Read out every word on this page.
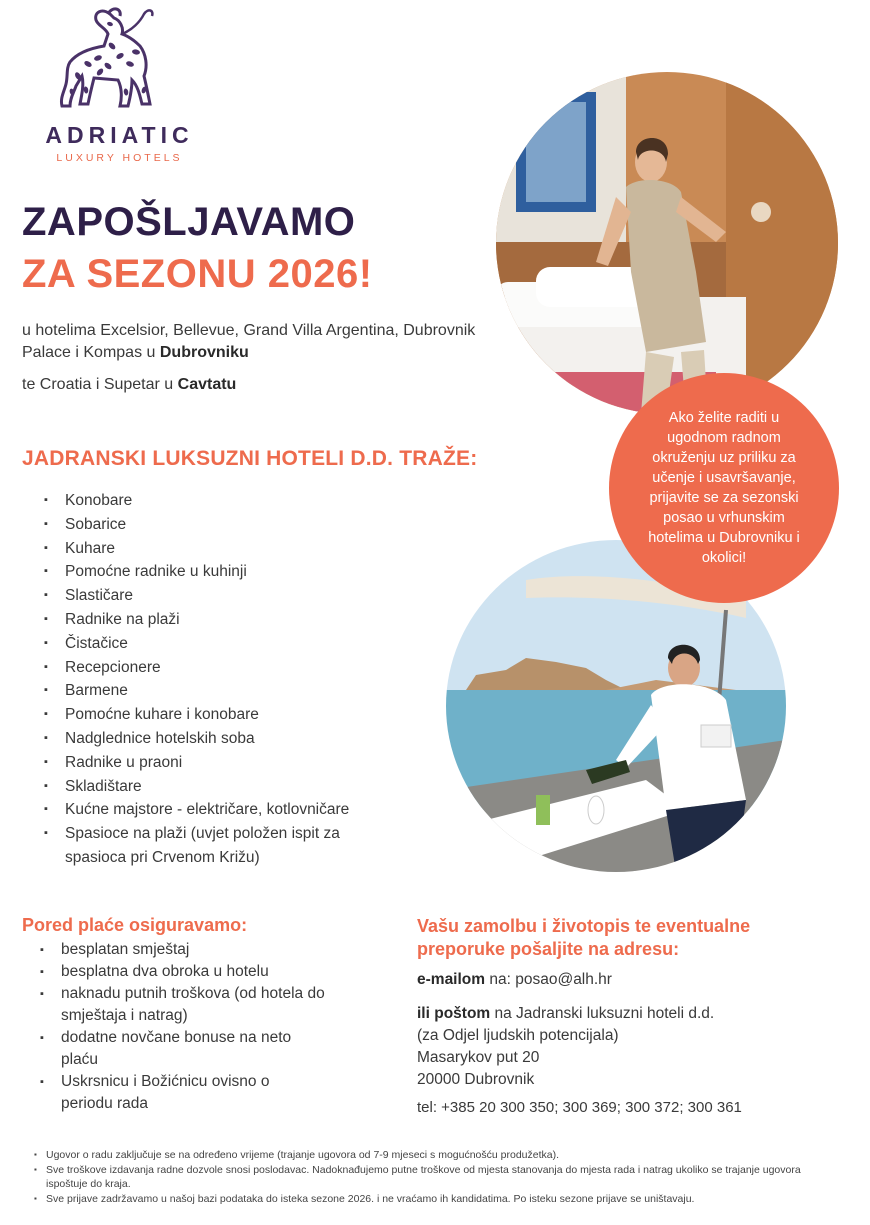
ADRIATIC
LUXURY HOTELS
ZAPOŠLJAVAMO
ZA SEZONU 2026!
u hotelima Excelsior, Bellevue, Grand Villa Argentina, Dubrovnik Palace i Kompas u Dubrovniku
te Croatia i Supetar u Cavtatu
Ako želite raditi u ugodnom radnom okruženju uz priliku za učenje i usavršavanje, prijavite se za sezonski posao u vrhunskim hotelima u Dubrovniku i okolici!
JADRANSKI LUKSUZNI HOTELI D.D. TRAŽE:
▪ Konobare
▪ Sobarice
▪ Kuhare
▪ Pomoćne radnike u kuhinji
▪ Slastičare
▪ Radnike na plaži
▪ Čistačice
▪ Recepcionere
▪ Barmene
▪ Pomoćne kuhare i konobare
▪ Nadglednice hotelskih soba
▪ Radnike u praoni
▪ Skladištare
▪ Kućne majstore - električare, kotlovničare
▪ Spasioce na plaži (uvjet položen ispit za spasioca pri Crvenom Križu)
Pored plaće osiguravamo:
▪ besplatan smještaj
▪ besplatna dva obroka u hotelu
▪ naknadu putnih troškova (od hotela do smještaja i natrag)
▪ dodatne novčane bonuse na neto plaću
▪ Uskrsnicu i Božićnicu ovisno o periodu rada
Vašu zamolbu i životopis te eventualne preporuke pošaljite na adresu:
e-mailom na: posao@alh.hr
ili poštom na Jadranski luksuzni hoteli d.d.
(za Odjel ljudskih potencijala)
Masarykov put 20
20000 Dubrovnik
tel: +385 20 300 350; 300 369; 300 372; 300 361
▪ Ugovor o radu zaključuje se na određeno vrijeme (trajanje ugovora od 7-9 mjeseci s mogućnošću produžetka).
▪ Sve troškove izdavanja radne dozvole snosi poslodavac. Nadoknađujemo putne troškove od mjesta stanovanja do mjesta rada i natrag ukoliko se trajanje ugovora ispoštuje do kraja.
▪ Sve prijave zadržavamo u našoj bazi podataka do isteka sezone 2026. i ne vraćamo ih kandidatima. Po isteku sezone prijave se uništavaju.
